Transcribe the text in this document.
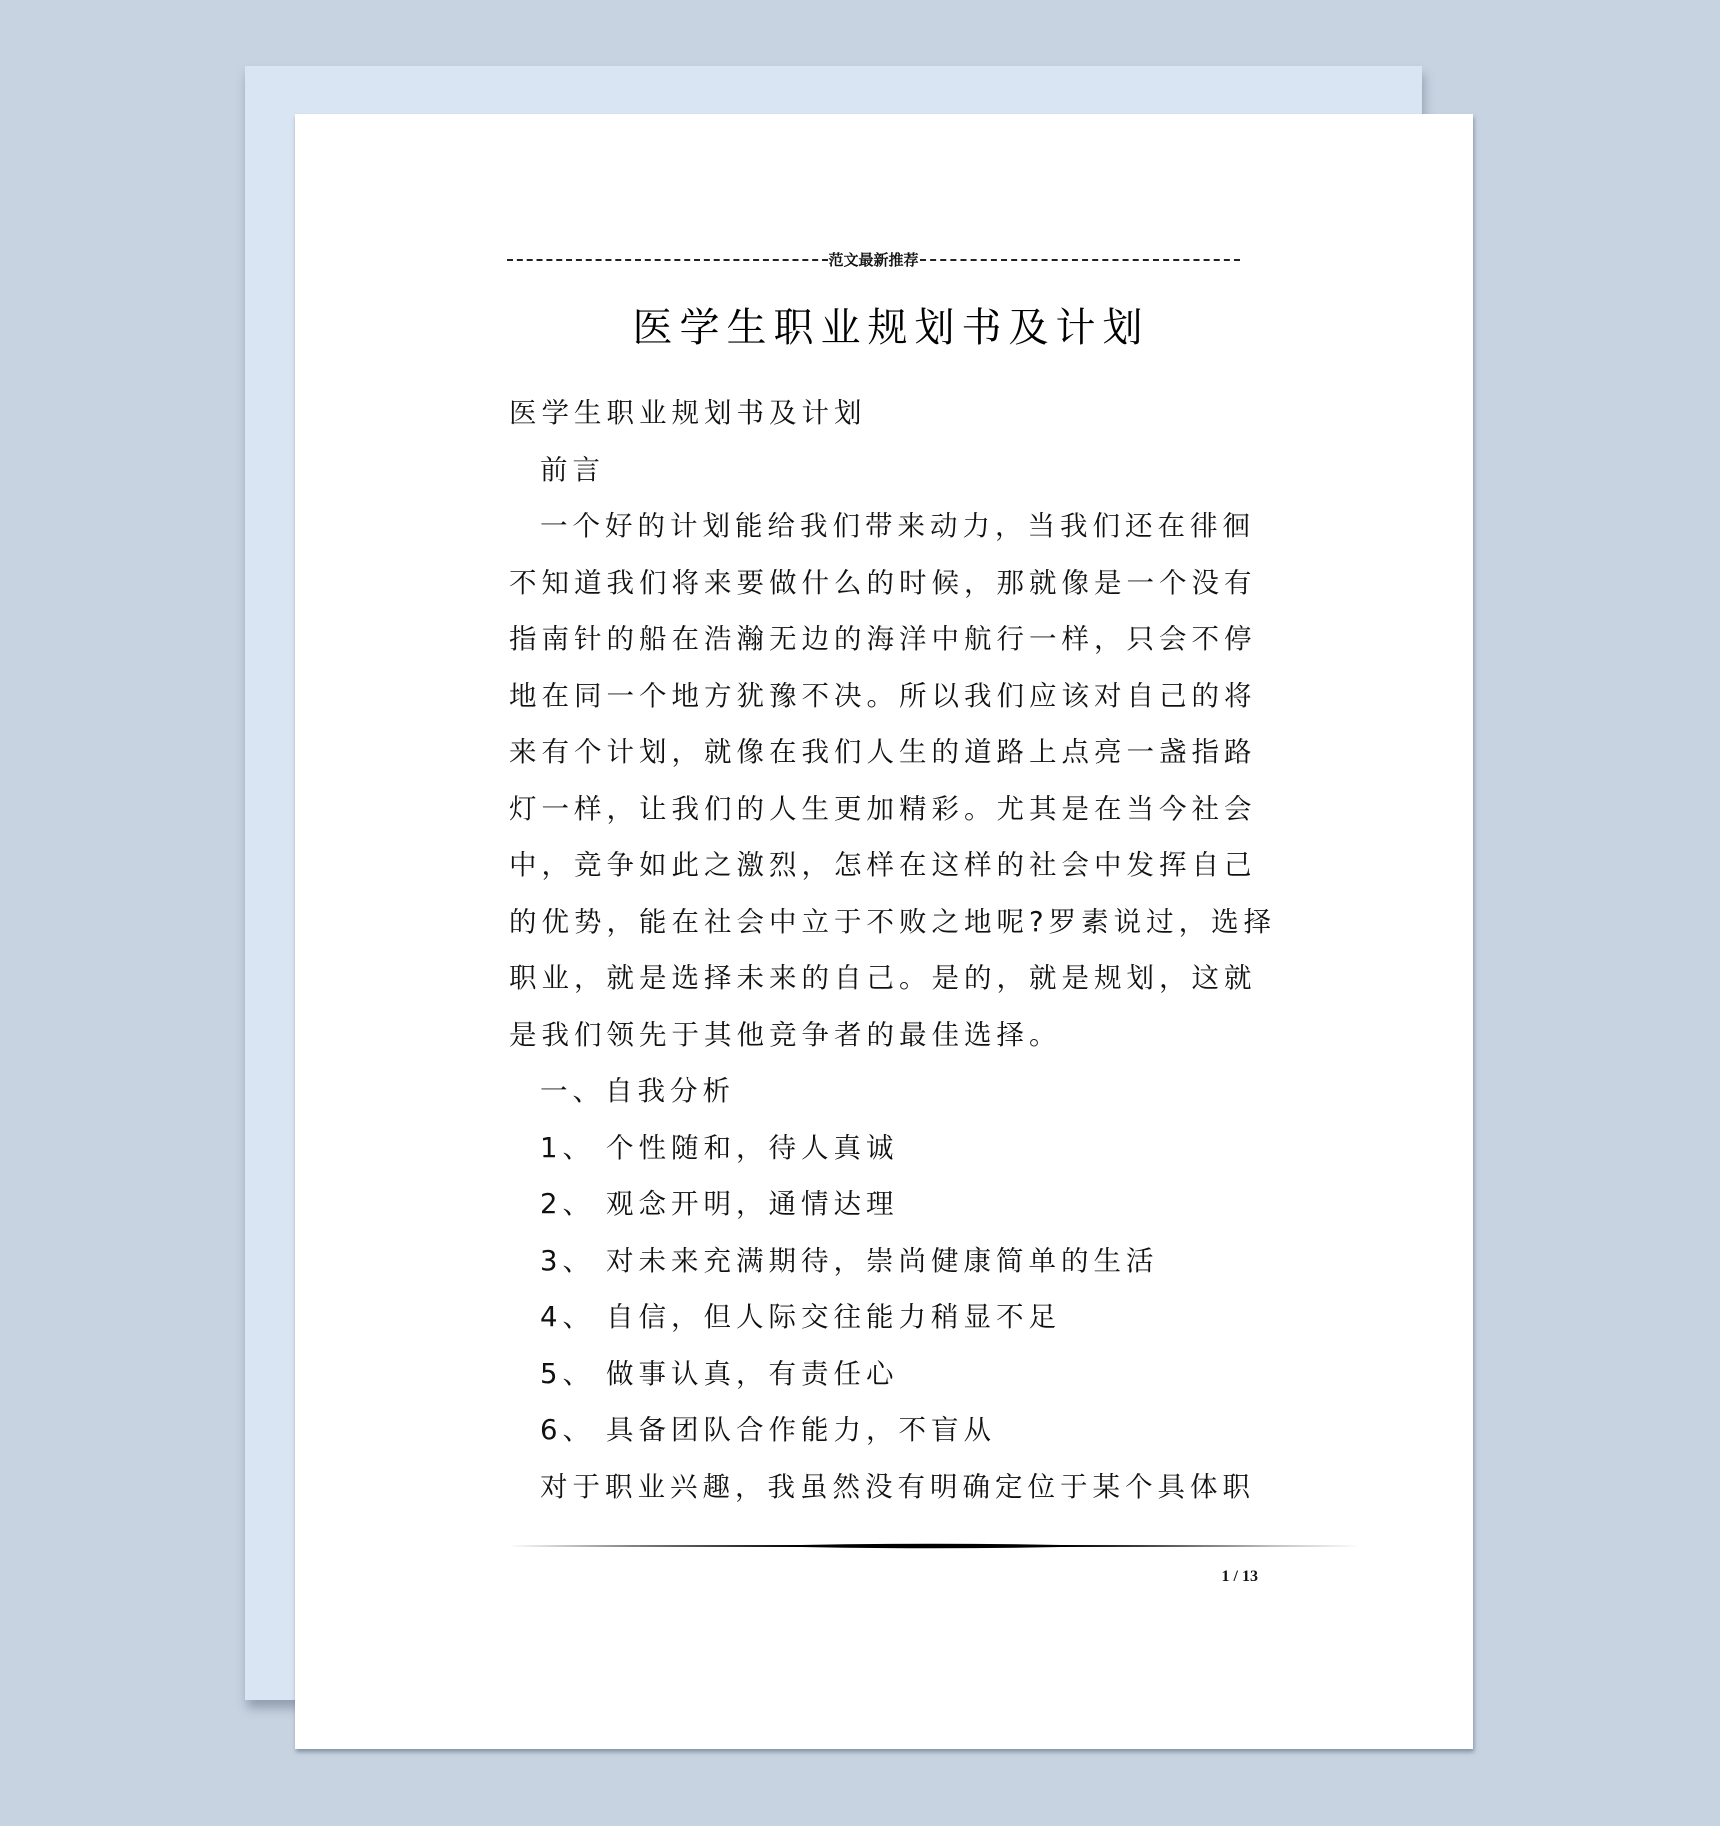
范文最新推荐
医学生职业规划书及计划
医学生职业规划书及计划
前言
一个好的计划能给我们带来动力，当我们还在徘徊
不知道我们将来要做什么的时候，那就像是一个没有
指南针的船在浩瀚无边的海洋中航行一样，只会不停
地在同一个地方犹豫不决。所以我们应该对自己的将
来有个计划，就像在我们人生的道路上点亮一盏指路
灯一样，让我们的人生更加精彩。尤其是在当今社会
中，竞争如此之激烈，怎样在这样的社会中发挥自己
的优势，能在社会中立于不败之地呢?罗素说过，选择
职业，就是选择未来的自己。是的，就是规划，这就
是我们领先于其他竞争者的最佳选择。
一、自我分析
1、 个性随和，待人真诚
2、 观念开明，通情达理
3、 对未来充满期待，崇尚健康简单的生活
4、 自信，但人际交往能力稍显不足
5、 做事认真，有责任心
6、 具备团队合作能力，不盲从
对于职业兴趣，我虽然没有明确定位于某个具体职
1 / 13
